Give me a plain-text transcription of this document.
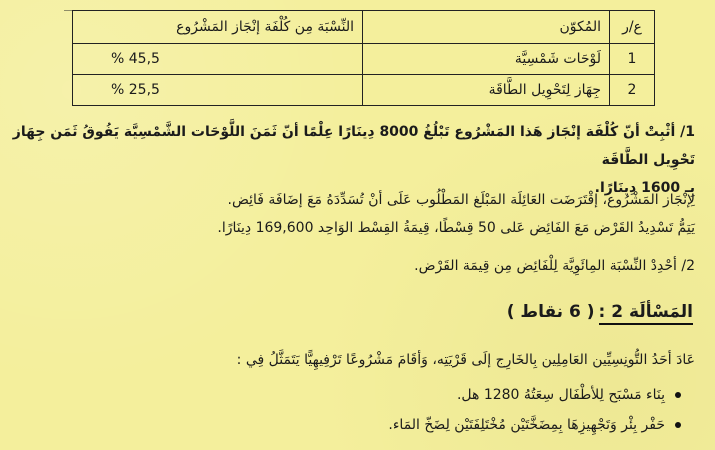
ع/ر	المُكوّن	النِّسْبَة مِن كُلْفَة إنْجَاز المَشْرُوع
1	لَوْحَات شَمْسِيَّة	% 45,5

2	جِهَاز لِتَحْوِيل الطَّاقَة	% 25,5
1/ أثْبِتْ أنّ كُلْفَة إنْجَاز هَذا المَشْرُوع تَبْلُغُ 8000 دِينَارًا عِلْمًا أنّ ثَمَنَ اللَّوْحَات الشَّمْسِيَّة يَفُوقُ ثَمَن جِهَاز تَحْوِيل الطَّاقَة
بِـ 1600 دِينَارًا.
لِإنْجَاز المَشْرُوع، إقْتَرَضَت العَائِلَة المَبْلَغ المَطْلُوب عَلَى أنْ تُسَدِّدَهُ مَعَ إضَافَة فَائِض.
يَتِمُّ تَسْدِيدُ القَرْض مَعَ الفَائِض عَلى 50 قِسْطًا، قِيمَةُ القِسْط الوَاحِد 169,600 دِينَارًا.
2/ أحْدِدْ النِّسْبَة المِائَوِيَّة لِلْفَائِض مِن قِيمَة القَرْض.
المَسْألَة 2 :
( 6 نقاط )
عَادَ أحَدُ التُّونِسِيِّين العَامِلِين بِالخَارِج إلَى قَرْيَتِه، وَأقَامَ مَشْرُوعًا تَرْفِيهِيًّا يَتَمَثَّلُ فِي :
بِنَاء مَسْبَح لِلأطْفَال سِعَتُهُ 1280 هل.
حَفْر بِئْر وَتَجْهِيزِهَا بِمِضَخَّتَيْن مُخْتَلِفَتَيْن لِضَخّ المَاء.
